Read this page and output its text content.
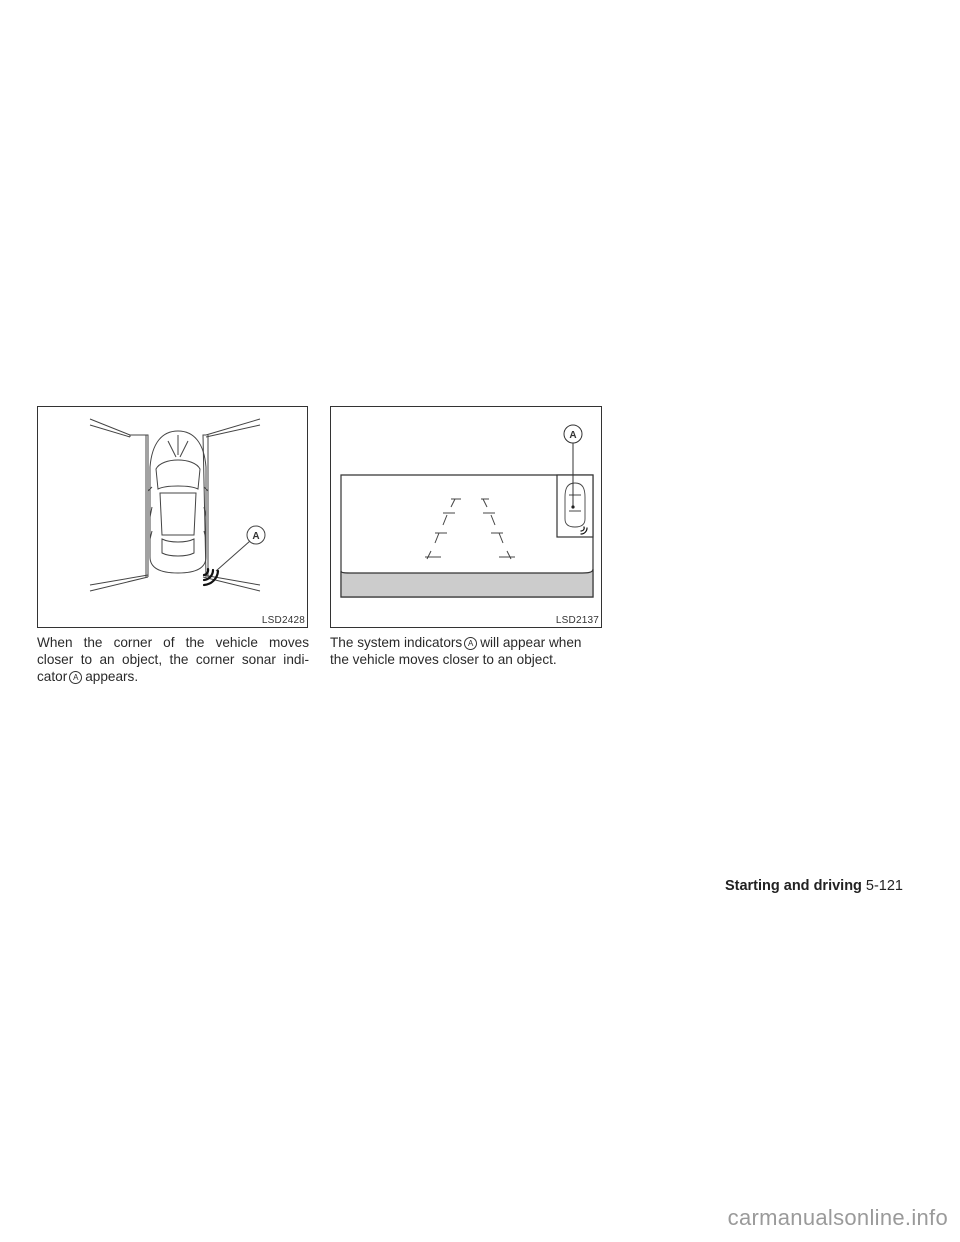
A
LSD2428
A
LSD2137
When the corner of the vehicle moves
closer to an object, the corner sonar indi-
cator A appears.
The system indicators A will appear when
the vehicle moves closer to an object.
Starting and driving 5-121
carmanualsonline.info
